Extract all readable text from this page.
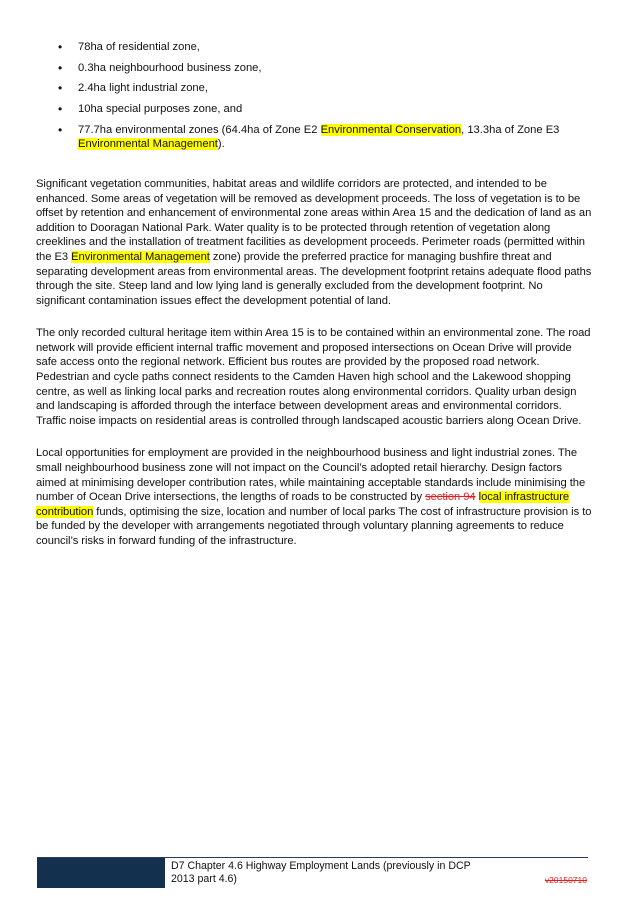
• 78ha of residential zone,
• 0.3ha neighbourhood business zone,
• 2.4ha light industrial zone,
• 10ha special purposes zone, and
• 77.7ha environmental zones (64.4ha of Zone E2 Environmental Conservation, 13.3ha of Zone E3 Environmental Management).

Significant vegetation communities, habitat areas and wildlife corridors are protected, and intended to be enhanced. Some areas of vegetation will be removed as development proceeds. The loss of vegetation is to be offset by retention and enhancement of environmental zone areas within Area 15 and the dedication of land as an addition to Dooragan National Park. Water quality is to be protected through retention of vegetation along creeklines and the installation of treatment facilities as development proceeds. Perimeter roads (permitted within the E3 Environmental Management zone) provide the preferred practice for managing bushfire threat and separating development areas from environmental areas. The development footprint retains adequate flood paths through the site. Steep land and low lying land is generally excluded from the development footprint. No significant contamination issues effect the development potential of land.

The only recorded cultural heritage item within Area 15 is to be contained within an environmental zone. The road network will provide efficient internal traffic movement and proposed intersections on Ocean Drive will provide safe access onto the regional network. Efficient bus routes are provided by the proposed road network. Pedestrian and cycle paths connect residents to the Camden Haven high school and the Lakewood shopping centre, as well as linking local parks and recreation routes along environmental corridors. Quality urban design and landscaping is afforded through the interface between development areas and environmental corridors. Traffic noise impacts on residential areas is controlled through landscaped acoustic barriers along Ocean Drive.

Local opportunities for employment are provided in the neighbourhood business and light industrial zones. The small neighbourhood business zone will not impact on the Council’s adopted retail hierarchy. Design factors aimed at minimising developer contribution rates, while maintaining acceptable standards include minimising the number of Ocean Drive intersections, the lengths of roads to be constructed by section 94 local infrastructure contribution funds, optimising the size, location and number of local parks The cost of infrastructure provision is to be funded by the developer with arrangements negotiated through voluntary planning agreements to reduce council’s risks in forward funding of the infrastructure.

D7 Chapter 4.6 Highway Employment Lands (previously in DCP 2013 part 4.6)	v20150710
